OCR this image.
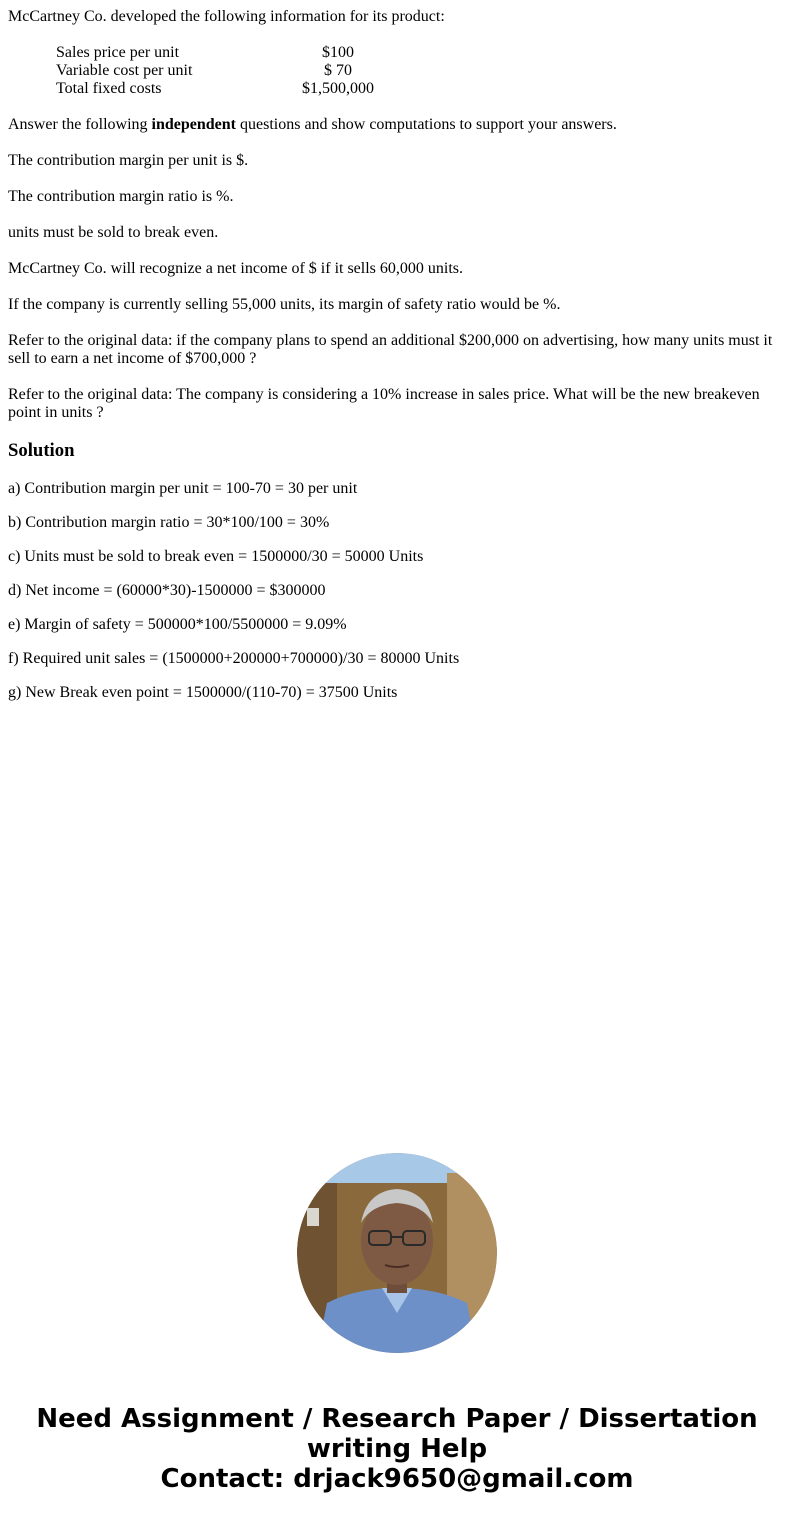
McCartney Co. developed the following information for its product:

Sales price per unit	$100
Variable cost per unit	$ 70
Total fixed costs	$1,500,000

Answer the following independent questions and show computations to support your answers.

The contribution margin per unit is $.

The contribution margin ratio is %.

units must be sold to break even.

McCartney Co. will recognize a net income of $ if it sells 60,000 units.

If the company is currently selling 55,000 units, its margin of safety ratio would be %.

Refer to the original data: if the company plans to spend an additional $200,000 on advertising, how many units must it sell to earn a net income of $700,000 ?

Refer to the original data: The company is considering a 10% increase in sales price. What will be the new breakeven point in units ?

Solution

a) Contribution margin per unit = 100-70 = 30 per unit

b) Contribution margin ratio = 30*100/100 = 30%

c) Units must be sold to break even = 1500000/30 = 50000 Units

d) Net income = (60000*30)-1500000 = $300000

e) Margin of safety = 500000*100/5500000 = 9.09%

f) Required unit sales = (1500000+200000+700000)/30 = 80000 Units

g) New Break even point = 1500000/(110-70) = 37500 Units

Need Assignment / Research Paper / Dissertation
writing Help
Contact: drjack9650@gmail.com
